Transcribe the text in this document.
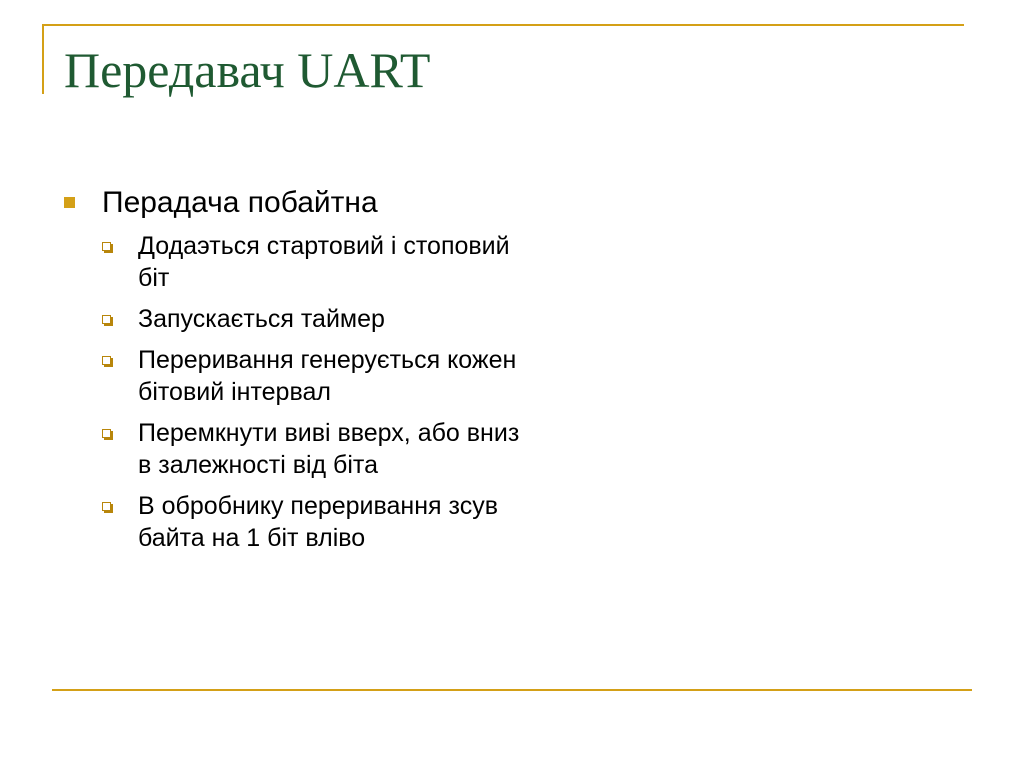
Передавач UART
Перадача побайтна
Додаэться стартовий і стоповий біт
Запускається таймер
Переривання генерується кожен бітовий інтервал
Перемкнути виві вверх, або вниз в залежності від біта
В обробнику переривання зсув байта на 1 біт вліво
